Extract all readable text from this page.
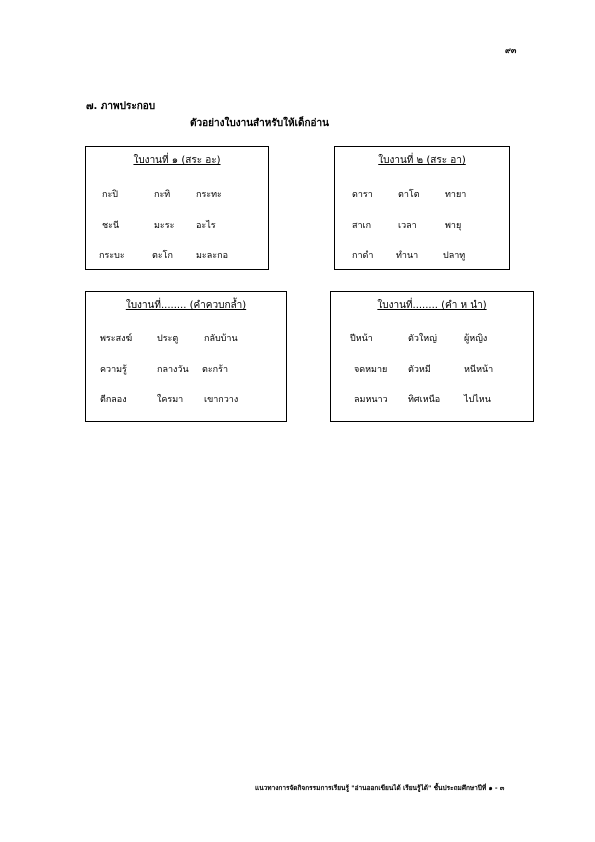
๙๓
๗. ภาพประกอบ
ตัวอย่างใบงานสำหรับให้เด็กอ่าน
ใบงานที่ ๑ (สระ อะ)
กะปิ	กะทิ	กระทะ
ชะนี	มะระ อะไร
กระบะ	ตะโก	มะละกอ
ใบงานที่ ๒ (สระ อา)
ดารา	ตาโต	ทายา
สาเก	เวลา	พายุ
กาดำ	ทำนา	ปลาทู
ใบงานที่........ (คำควบกล้ำ)
พระสงฆ์	ประตู	กลับบ้าน
ความรู้	กลางวัน ตะกร้า
ตีกลอง	ใครมา เขากวาง
ใบงานที่........ (คำ ห นำ)
ปีหน้า	ตัวใหญ่	ผู้หญิง
จดหมาย ตัวหมี	หนีหน้า
ลมหนาว ทิศเหนือ	ไปไหน
แนวทางการจัดกิจกรรมการเรียนรู้ "อ่านออกเขียนได้ เรียนรู้ได้" ชั้นประถมศึกษาปีที่ ๑ - ๓
